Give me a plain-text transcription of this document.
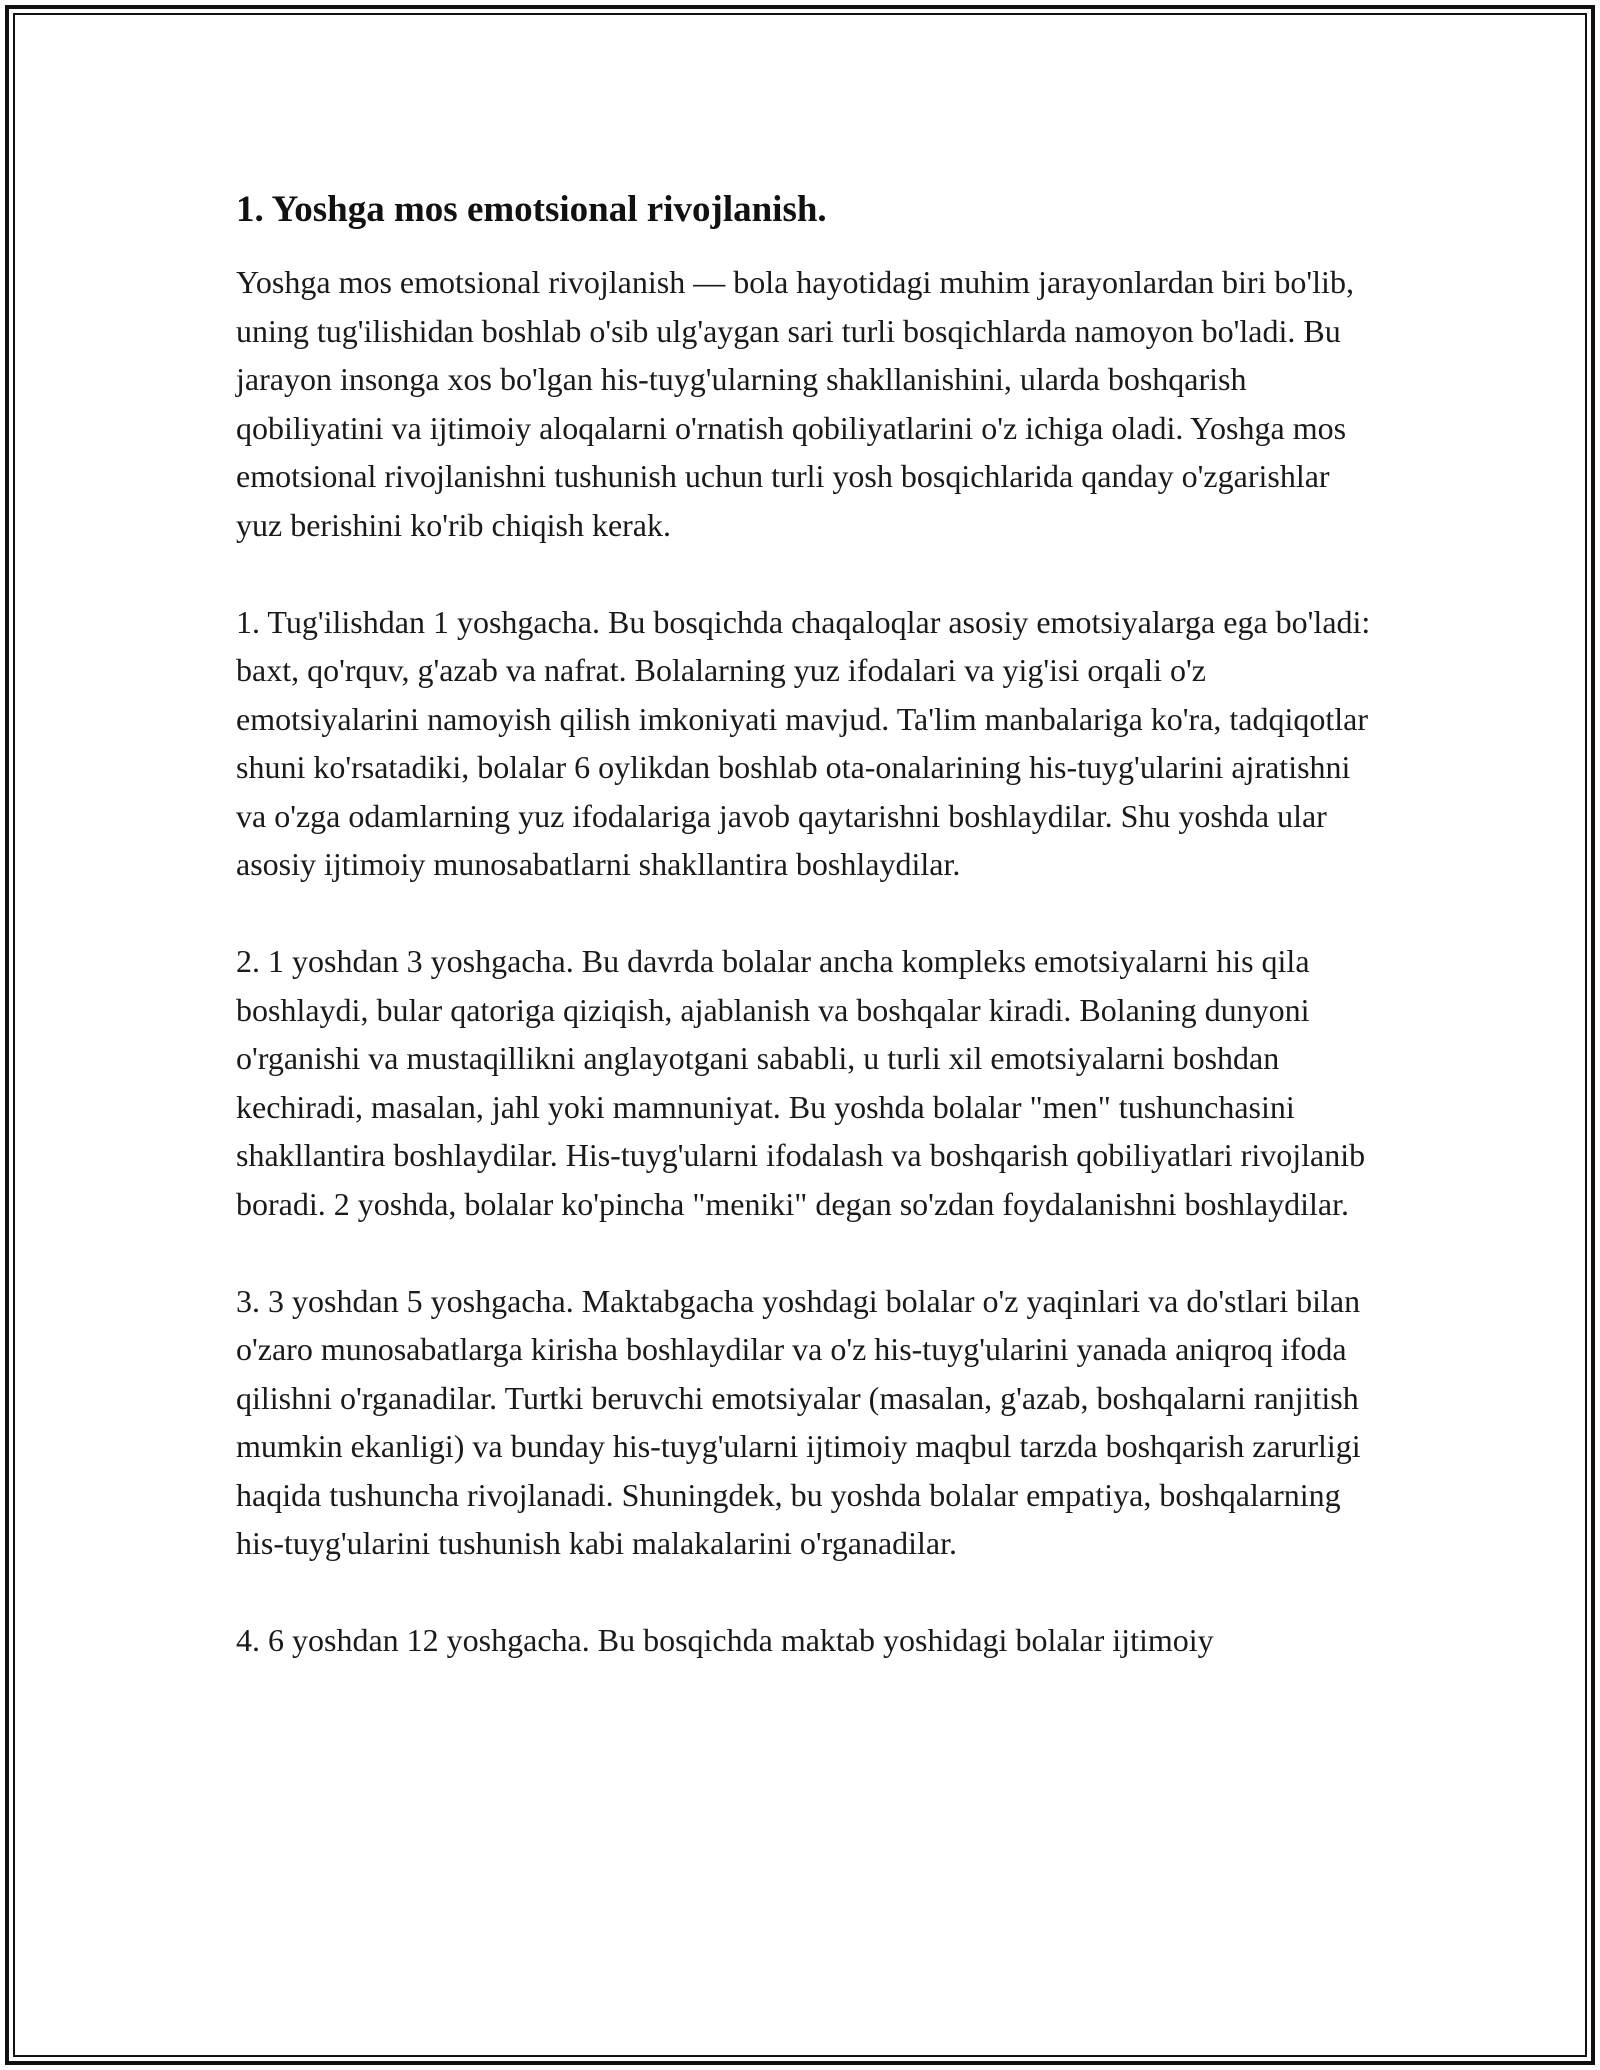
1. Yoshga mos emotsional rivojlanish.

Yoshga mos emotsional rivojlanish — bola hayotidagi muhim jarayonlardan biri bo'lib, uning tug'ilishidan boshlab o'sib ulg'aygan sari turli bosqichlarda namoyon bo'ladi. Bu jarayon insonga xos bo'lgan his-tuyg'ularning shakllanishini, ularda boshqarish qobiliyatini va ijtimoiy aloqalarni o'rnatish qobiliyatlarini o'z ichiga oladi. Yoshga mos emotsional rivojlanishni tushunish uchun turli yosh bosqichlarida qanday o'zgarishlar yuz berishini ko'rib chiqish kerak.

1. Tug'ilishdan 1 yoshgacha. Bu bosqichda chaqaloqlar asosiy emotsiyalarga ega bo'ladi: baxt, qo'rquv, g'azab va nafrat. Bolalarning yuz ifodalari va yig'isi orqali o'z emotsiyalarini namoyish qilish imkoniyati mavjud. Ta'lim manbalariga ko'ra, tadqiqotlar shuni ko'rsatadiki, bolalar 6 oylikdan boshlab ota-onalarining his-tuyg'ularini ajratishni va o'zga odamlarning yuz ifodalariga javob qaytarishni boshlaydilar. Shu yoshda ular asosiy ijtimoiy munosabatlarni shakllantira boshlaydilar.

2. 1 yoshdan 3 yoshgacha. Bu davrda bolalar ancha kompleks emotsiyalarni his qila boshlaydi, bular qatoriga qiziqish, ajablanish va boshqalar kiradi. Bolaning dunyoni o'rganishi va mustaqillikni anglayotgani sababli, u turli xil emotsiyalarni boshdan kechiradi, masalan, jahl yoki mamnuniyat. Bu yoshda bolalar "men" tushunchasini shakllantira boshlaydilar. His-tuyg'ularni ifodalash va boshqarish qobiliyatlari rivojlanib boradi. 2 yoshda, bolalar ko'pincha "meniki" degan so'zdan foydalanishni boshlaydilar.

3. 3 yoshdan 5 yoshgacha. Maktabgacha yoshdagi bolalar o'z yaqinlari va do'stlari bilan o'zaro munosabatlarga kirisha boshlaydilar va o'z his-tuyg'ularini yanada aniqroq ifoda qilishni o'rganadilar. Turtki beruvchi emotsiyalar (masalan, g'azab, boshqalarni ranjitish mumkin ekanligi) va bunday his-tuyg'ularni ijtimoiy maqbul tarzda boshqarish zarurligi haqida tushuncha rivojlanadi. Shuningdek, bu yoshda bolalar empatiya, boshqalarning his-tuyg'ularini tushunish kabi malakalarini o'rganadilar.

4. 6 yoshdan 12 yoshgacha. Bu bosqichda maktab yoshidagi bolalar ijtimoiy
